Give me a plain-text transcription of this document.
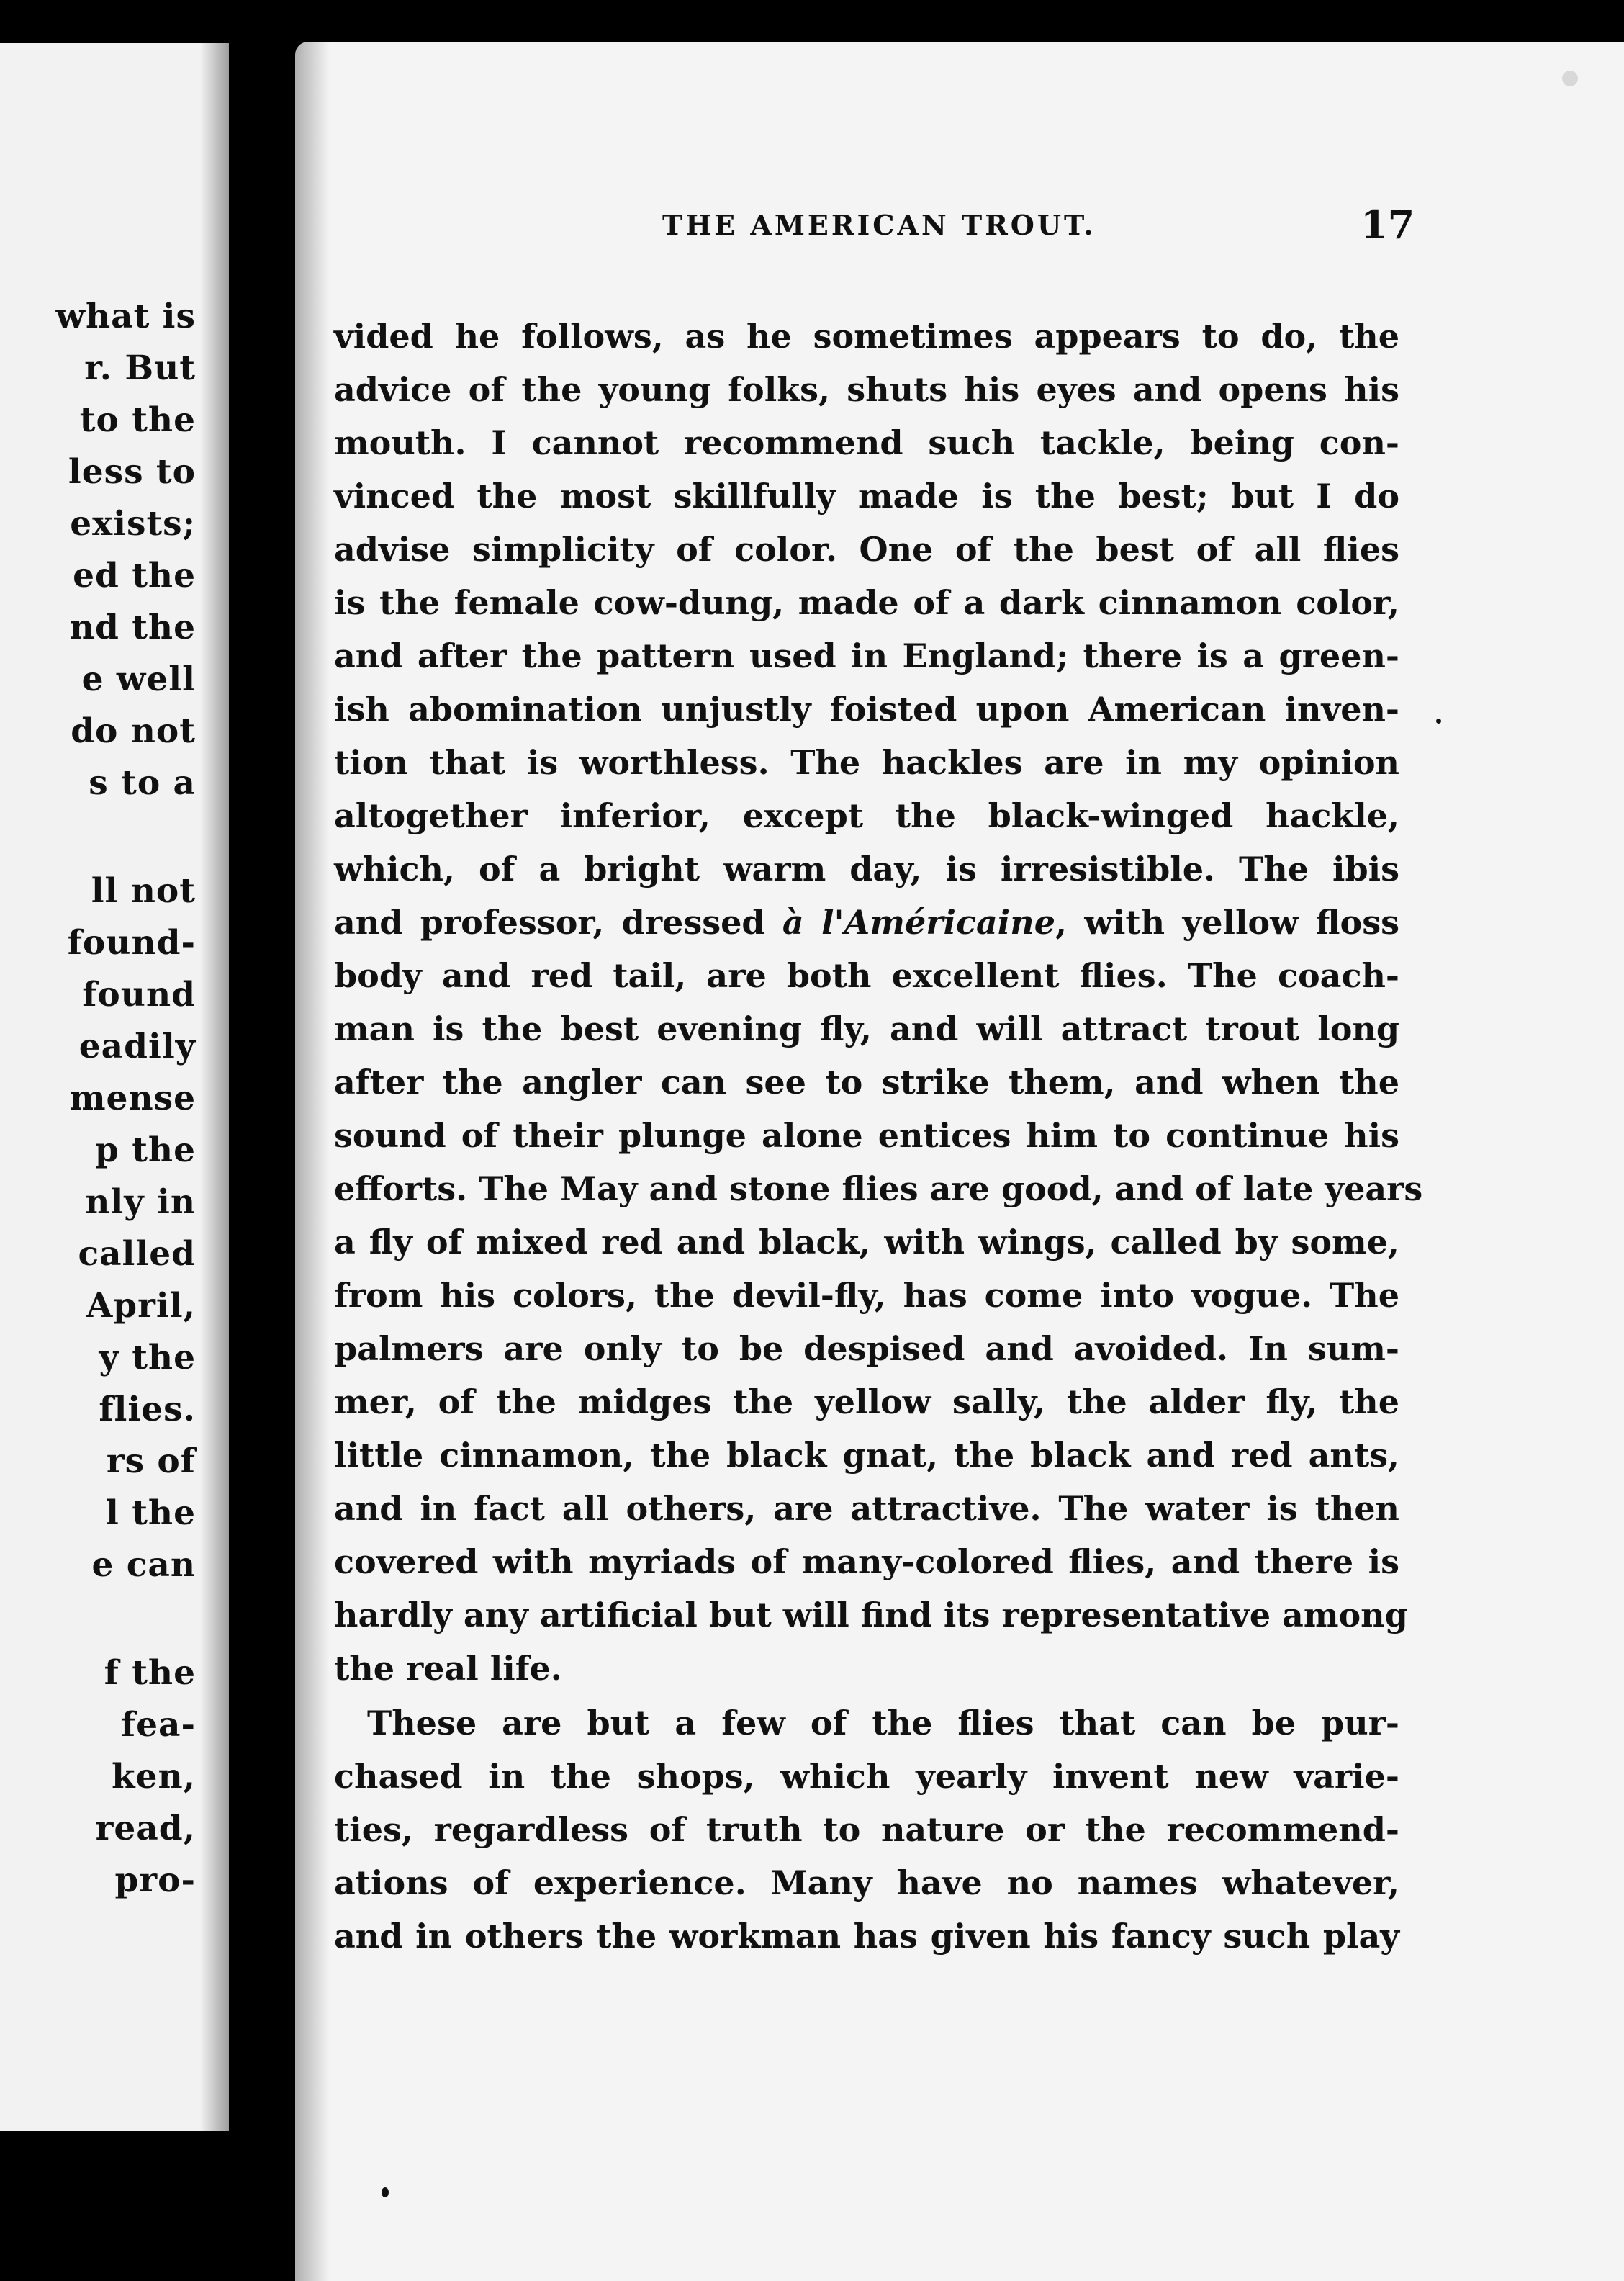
what is
r. But
to the
less to
exists;
ed the
nd the
e well
do not
s to a
ll not
found-
found
eadily
mense
p the
nly in
called
April,
y the
flies.
rs of
l the
e can
f the
fea-
ken,
read,
pro-
THE AMERICAN TROUT.	17
vided he follows, as he sometimes appears to do, the
advice of the young folks, shuts his eyes and opens his
mouth. I cannot recommend such tackle, being con-
vinced the most skillfully made is the best; but I do
advise simplicity of color. One of the best of all flies
is the female cow-dung, made of a dark cinnamon color,
and after the pattern used in England; there is a green-
ish abomination unjustly foisted upon American inven-
tion that is worthless. The hackles are in my opinion
altogether inferior, except the black-winged hackle,
which, of a bright warm day, is irresistible. The ibis
and professor, dressed à l'Américaine, with yellow floss
body and red tail, are both excellent flies. The coach-
man is the best evening fly, and will attract trout long
after the angler can see to strike them, and when the
sound of their plunge alone entices him to continue his
efforts. The May and stone flies are good, and of late years
a fly of mixed red and black, with wings, called by some,
from his colors, the devil-fly, has come into vogue. The
palmers are only to be despised and avoided. In sum-
mer, of the midges the yellow sally, the alder fly, the
little cinnamon, the black gnat, the black and red ants,
and in fact all others, are attractive. The water is then
covered with myriads of many-colored flies, and there is
hardly any artificial but will find its representative among
the real life.
These are but a few of the flies that can be pur-
chased in the shops, which yearly invent new varie-
ties, regardless of truth to nature or the recommend-
ations of experience. Many have no names whatever,
and in others the workman has given his fancy such play
